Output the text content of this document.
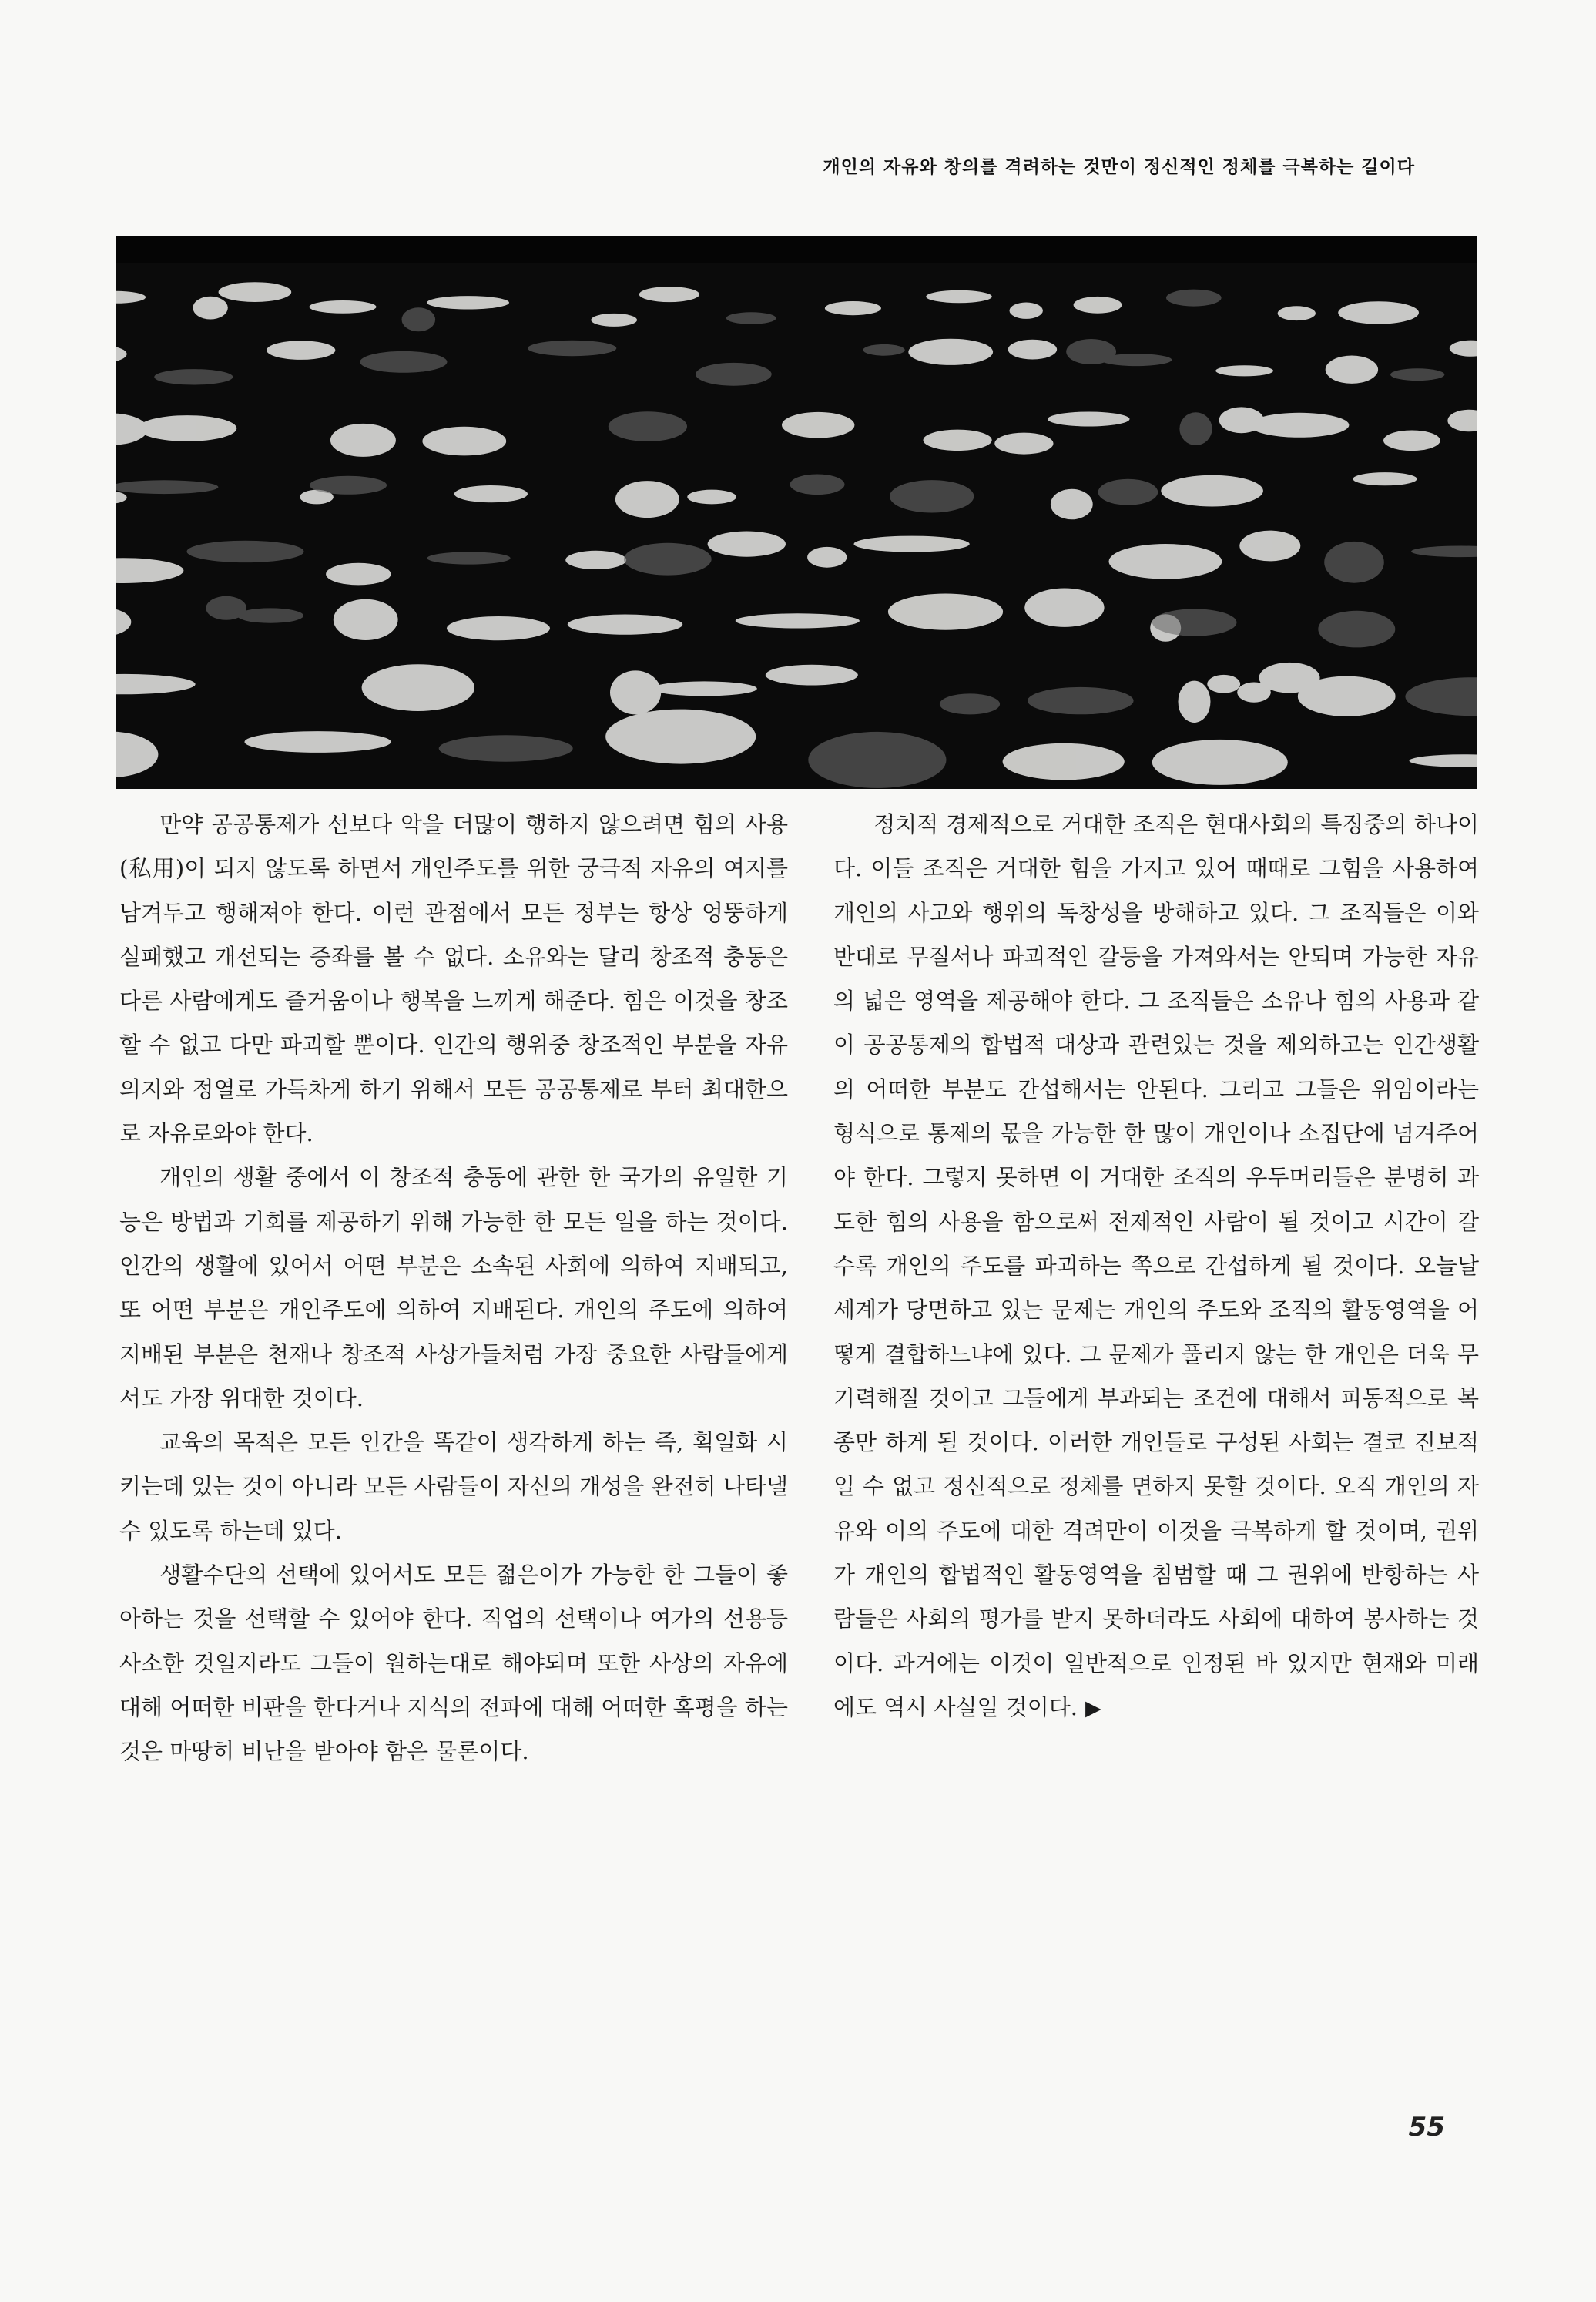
개인의 자유와 창의를 격려하는 것만이 정신적인 정체를 극복하는 길이다

만약 공공통제가 선보다 악을 더많이 행하지 않으려면 힘의 사용(私用)이 되지 않도록 하면서 개인주도를 위한 궁극적 자유의 여지를 남겨두고 행해져야 한다. 이런 관점에서 모든 정부는 항상 엉뚱하게 실패했고 개선되는 증좌를 볼 수 없다. 소유와는 달리 창조적 충동은 다른 사람에게도 즐거움이나 행복을 느끼게 해준다. 힘은 이것을 창조할 수 없고 다만 파괴할 뿐이다. 인간의 행위중 창조적인 부분을 자유의지와 정열로 가득차게 하기 위해서 모든 공공통제로 부터 최대한으로 자유로와야 한다.

개인의 생활 중에서 이 창조적 충동에 관한 한 국가의 유일한 기능은 방법과 기회를 제공하기 위해 가능한 한 모든 일을 하는 것이다. 인간의 생활에 있어서 어떤 부분은 소속된 사회에 의하여 지배되고, 또 어떤 부분은 개인주도에 의하여 지배된다. 개인의 주도에 의하여 지배된 부분은 천재나 창조적 사상가들처럼 가장 중요한 사람들에게서도 가장 위대한 것이다.

교육의 목적은 모든 인간을 똑같이 생각하게 하는 즉, 획일화 시키는데 있는 것이 아니라 모든 사람들이 자신의 개성을 완전히 나타낼 수 있도록 하는데 있다.

생활수단의 선택에 있어서도 모든 젊은이가 가능한 한 그들이 좋아하는 것을 선택할 수 있어야 한다. 직업의 선택이나 여가의 선용등 사소한 것일지라도 그들이 원하는대로 해야되며 또한 사상의 자유에 대해 어떠한 비판을 한다거나 지식의 전파에 대해 어떠한 혹평을 하는 것은 마땅히 비난을 받아야 함은 물론이다.

정치적 경제적으로 거대한 조직은 현대사회의 특징중의 하나이다. 이들 조직은 거대한 힘을 가지고 있어 때때로 그힘을 사용하여 개인의 사고와 행위의 독창성을 방해하고 있다. 그 조직들은 이와 반대로 무질서나 파괴적인 갈등을 가져와서는 안되며 가능한 자유의 넓은 영역을 제공해야 한다. 그 조직들은 소유나 힘의 사용과 같이 공공통제의 합법적 대상과 관련있는 것을 제외하고는 인간생활의 어떠한 부분도 간섭해서는 안된다. 그리고 그들은 위임이라는 형식으로 통제의 몫을 가능한 한 많이 개인이나 소집단에 넘겨주어야 한다. 그렇지 못하면 이 거대한 조직의 우두머리들은 분명히 과도한 힘의 사용을 함으로써 전제적인 사람이 될 것이고 시간이 갈수록 개인의 주도를 파괴하는 쪽으로 간섭하게 될 것이다. 오늘날 세계가 당면하고 있는 문제는 개인의 주도와 조직의 활동영역을 어떻게 결합하느냐에 있다. 그 문제가 풀리지 않는 한 개인은 더욱 무기력해질 것이고 그들에게 부과되는 조건에 대해서 피동적으로 복종만 하게 될 것이다. 이러한 개인들로 구성된 사회는 결코 진보적일 수 없고 정신적으로 정체를 면하지 못할 것이다. 오직 개인의 자유와 이의 주도에 대한 격려만이 이것을 극복하게 할 것이며, 권위가 개인의 합법적인 활동영역을 침범할 때 그 권위에 반항하는 사람들은 사회의 평가를 받지 못하더라도 사회에 대하여 봉사하는 것이다. 과거에는 이것이 일반적으로 인정된 바 있지만 현재와 미래에도 역시 사실일 것이다. ▶

55
